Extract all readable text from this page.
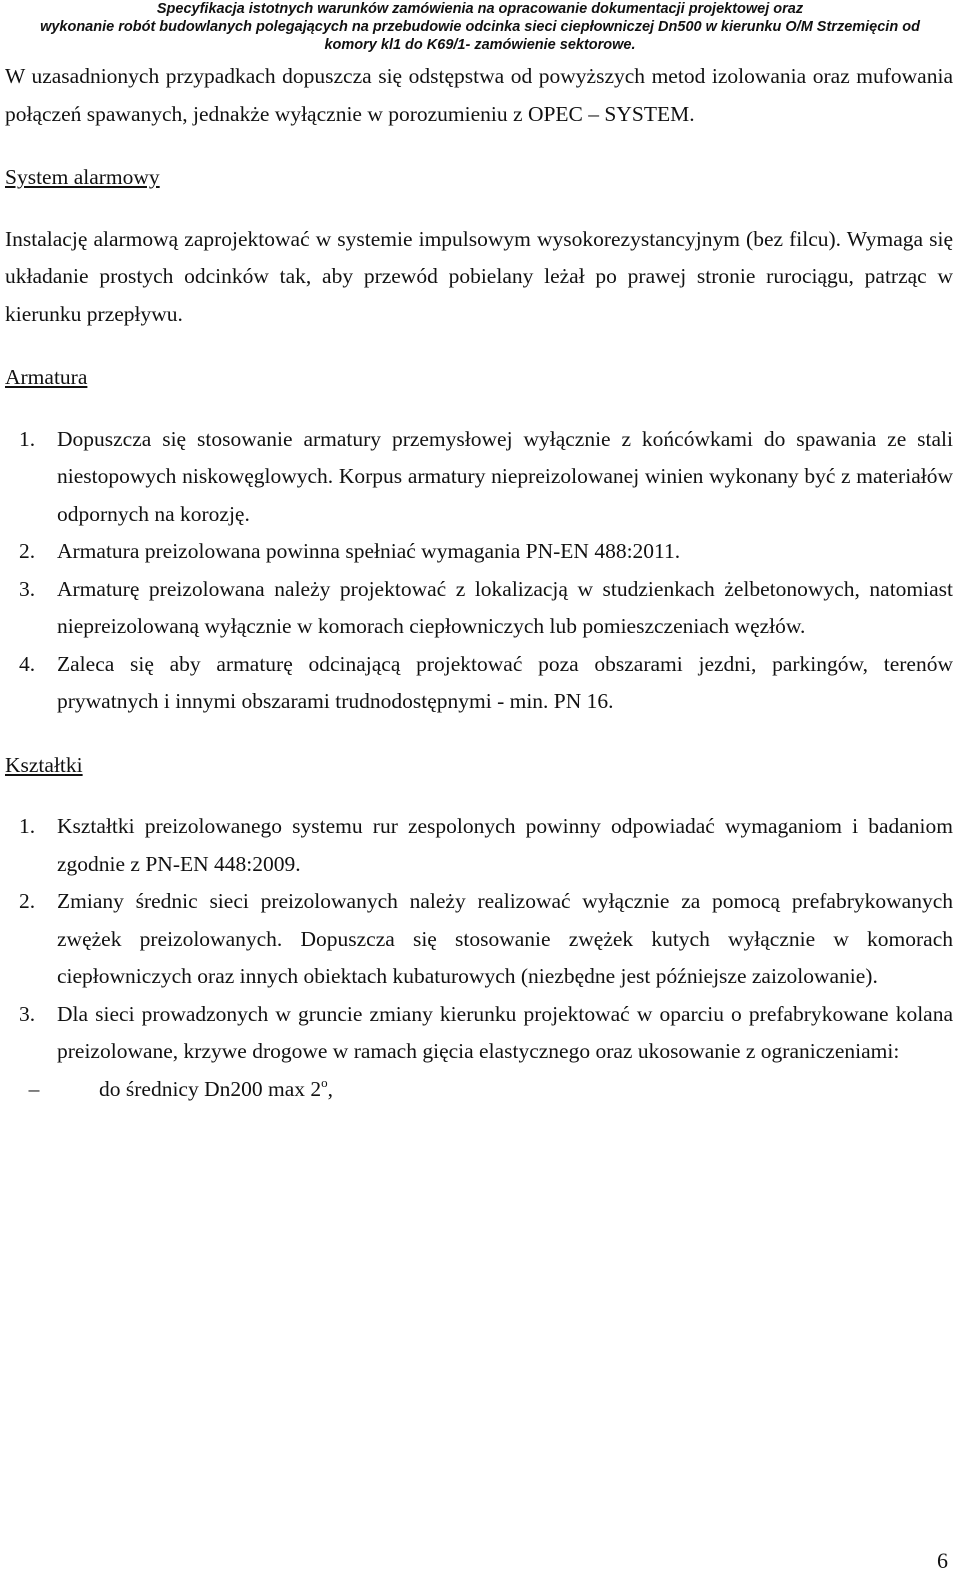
Specyfikacja istotnych warunków zamówienia na opracowanie dokumentacji projektowej oraz
wykonanie robót budowlanych polegających na przebudowie odcinka sieci ciepłowniczej Dn500 w kierunku O/M Strzemięcin od
komory kl1 do K69/1- zamówienie sektorowe.

W uzasadnionych przypadkach dopuszcza się odstępstwa od powyższych metod izolowania oraz mufowania połączeń spawanych, jednakże wyłącznie w porozumieniu z OPEC – SYSTEM.

System alarmowy

Instalację alarmową zaprojektować w systemie impulsowym wysokorezystancyjnym (bez filcu). Wymaga się układanie prostych odcinków tak, aby przewód pobielany leżał po prawej stronie rurociągu, patrząc w kierunku przepływu.

Armatura

1. Dopuszcza się stosowanie armatury przemysłowej wyłącznie z końcówkami do spawania ze stali niestopowych niskowęglowych. Korpus armatury niepreizolowanej winien wykonany być z materiałów odpornych na korozję.

2. Armatura preizolowana powinna spełniać wymagania PN-EN 488:2011.

3. Armaturę preizolowana należy projektować z lokalizacją w studzienkach żelbetonowych, natomiast niepreizolowaną wyłącznie w komorach ciepłowniczych lub pomieszczeniach węzłów.

4. Zaleca się aby armaturę odcinającą projektować poza obszarami jezdni, parkingów, terenów prywatnych i innymi obszarami trudnodostępnymi - min. PN 16.

Kształtki

1. Kształtki preizolowanego systemu rur zespolonych powinny odpowiadać wymaganiom i badaniom zgodnie z PN-EN 448:2009.

2. Zmiany średnic sieci preizolowanych należy realizować wyłącznie za pomocą prefabrykowanych zwężek preizolowanych. Dopuszcza się stosowanie zwężek kutych wyłącznie w komorach ciepłowniczych oraz innych obiektach kubaturowych (niezbędne jest późniejsze zaizolowanie).

3. Dla sieci prowadzonych w gruncie zmiany kierunku projektować w oparciu o prefabrykowane kolana preizolowane, krzywe drogowe w ramach gięcia elastycznego oraz ukosowanie z ograniczeniami:

–	do średnicy Dn200 max 2$^o$,

6
